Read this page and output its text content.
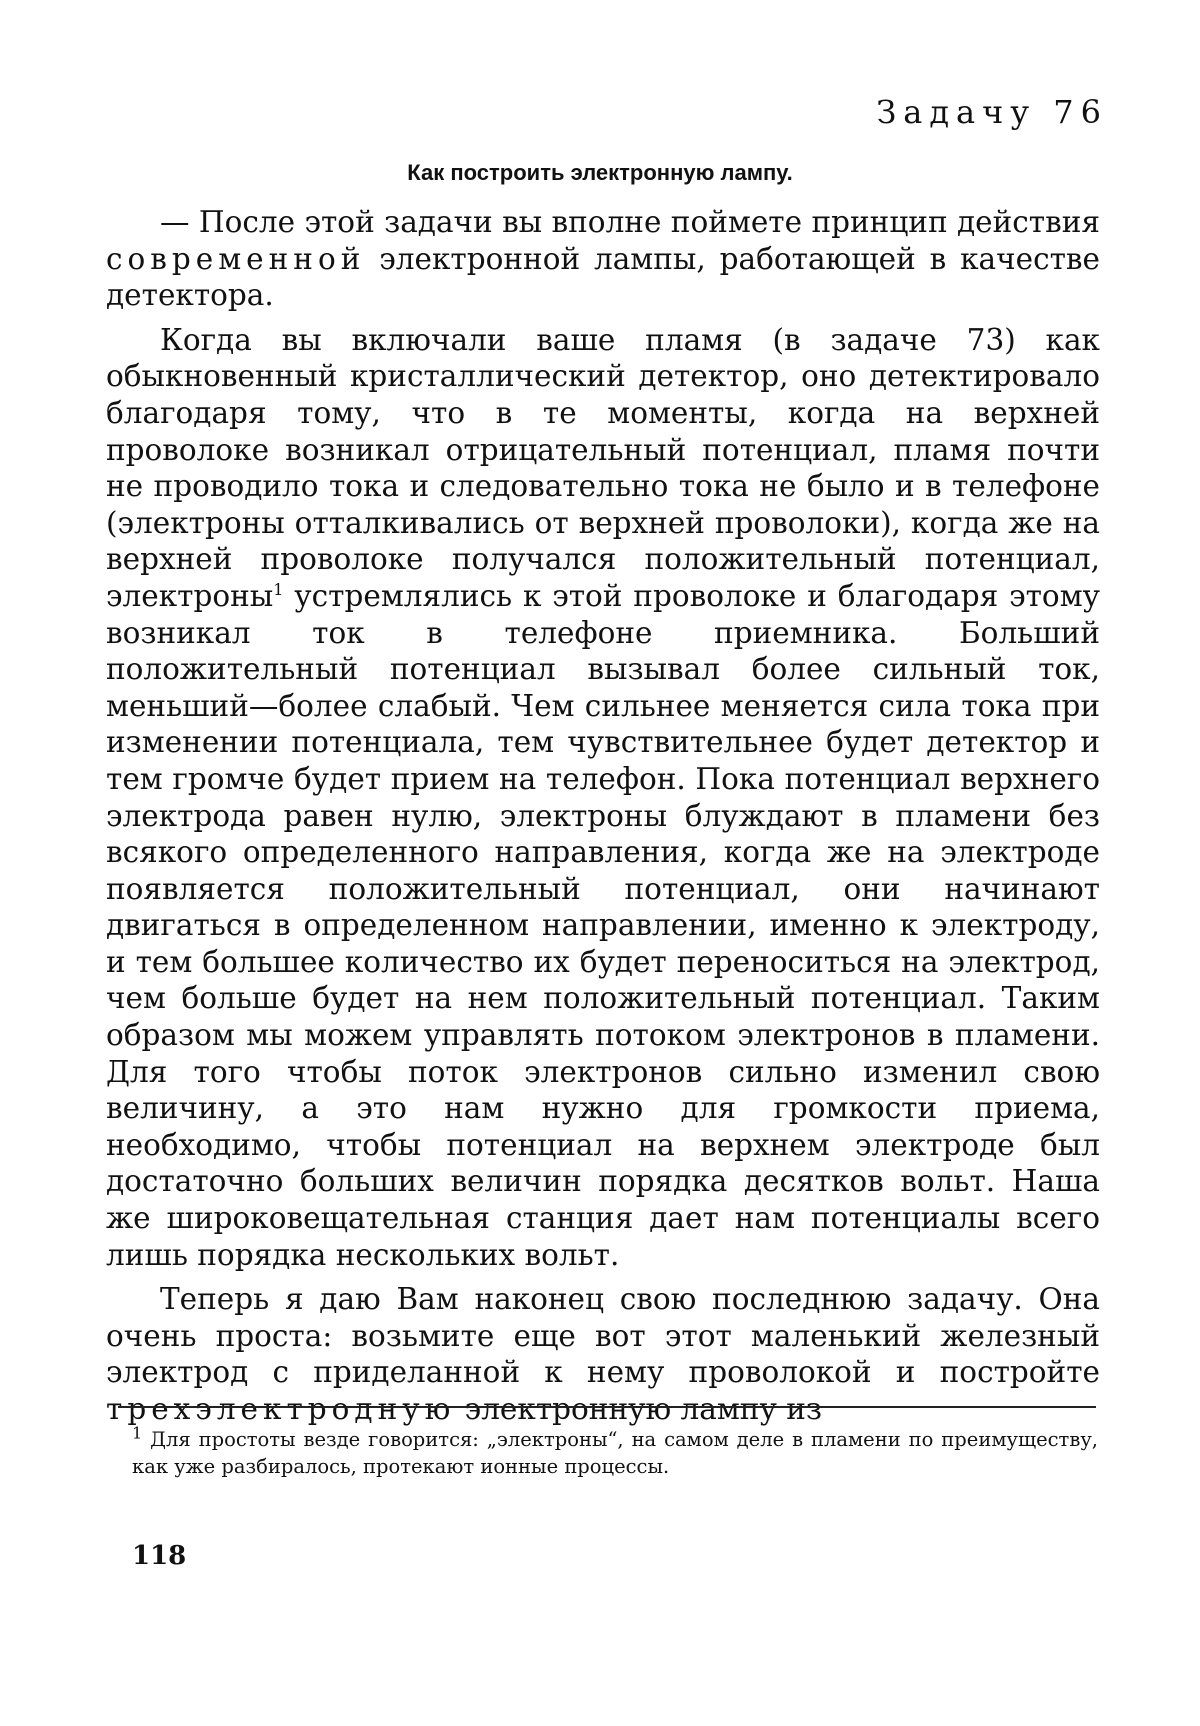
Задачу 76
Как построить электронную лампу.

— После этой задачи вы вполне поймете принцип действия современной электронной лампы, работающей в качестве детектора.

Когда вы включали ваше пламя (в задаче 73) как обыкновенный кристаллический детектор, оно детектировало благодаря тому, что в те моменты, когда на верхней проволоке возникал отрицательный потенциал, пламя почти не проводило тока и следовательно тока не было и в телефоне (электроны отталкивались от верхней проволоки), когда же на верхней проволоке получался положительный потенциал, электроны$^1$ устремлялись к этой проволоке и благодаря этому возникал ток в телефоне приемника. Больший положительный потенциал вызывал более сильный ток, меньший—более слабый. Чем сильнее меняется сила тока при изменении потенциала, тем чувствительнее будет детектор и тем громче будет прием на телефон. Пока потенциал верхнего электрода равен нулю, электроны блуждают в пламени без всякого определенного направления, когда же на электроде появляется положительный потенциал, они начинают двигаться в определенном направлении, именно к электроду, и тем большее количество их будет переноситься на электрод, чем больше будет на нем положительный потенциал. Таким образом мы можем управлять потоком электронов в пламени. Для того чтобы поток электронов сильно изменил свою величину, а это нам нужно для громкости приема, необходимо, чтобы потенциал на верхнем электроде был достаточно больших величин порядка десятков вольт. Наша же широковещательная станция дает нам потенциалы всего лишь порядка нескольких вольт.

Теперь я даю Вам наконец свою последнюю задачу. Она очень проста: возьмите еще вот этот маленький железный электрод с приделанной к нему проволокой и постройте трехэлектродную электронную лампу из

$^1$ Для простоты везде говорится: „электроны“, на самом деле в пламени по преимуществу, как уже разбиралось, протекают ионные процессы.
118
